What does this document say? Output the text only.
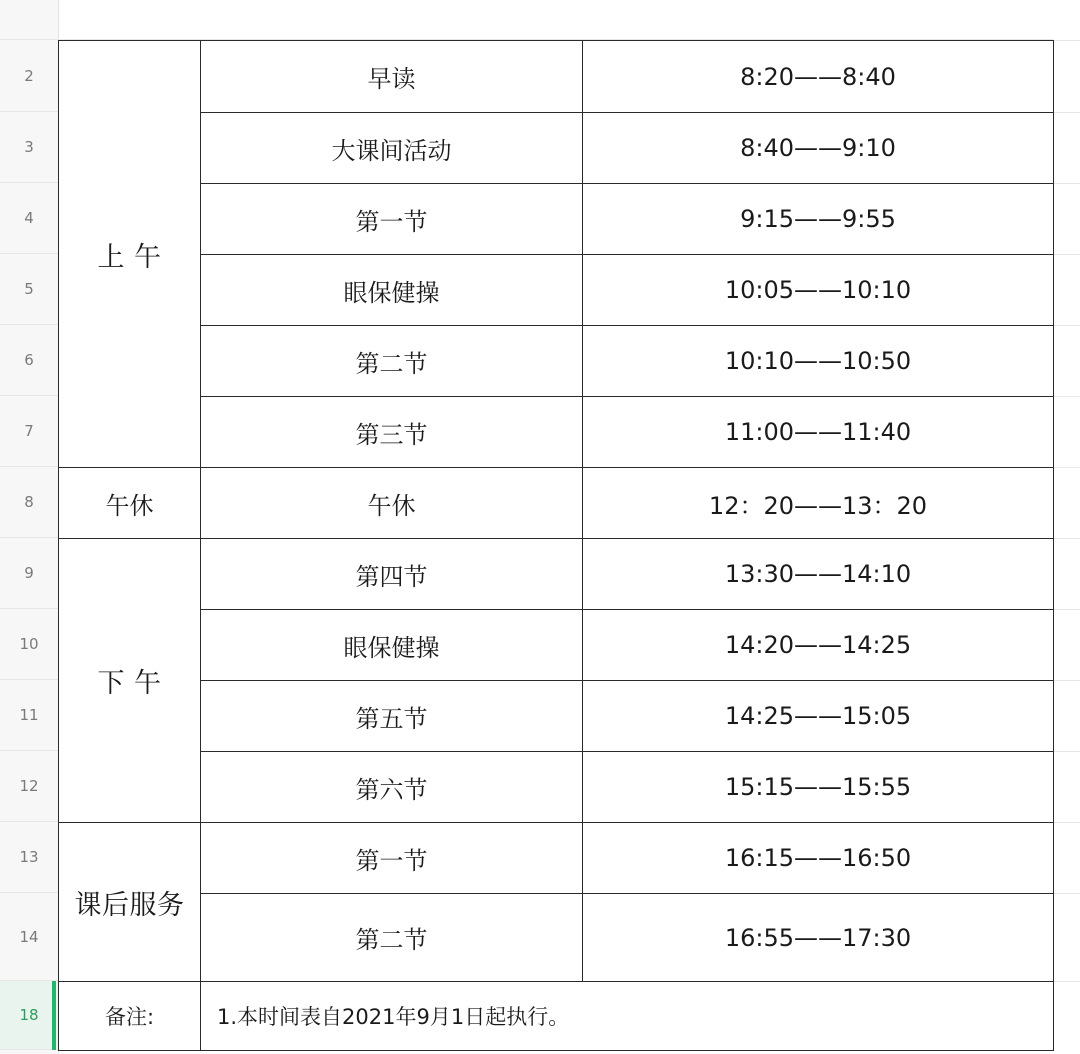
2
3
4
5
6
7
8
9
10
11
12
13
14
18
上 午	早读	8:20——8:40
	大课间活动	8:40——9:10
	第一节	9:15——9:55
	眼保健操	10:05——10:10
	第二节	10:10——10:50
	第三节	11:00——11:40
午休	午休	12：20——13：20
下 午	第四节	13:30——14:10
	眼保健操	14:20——14:25
	第五节	14:25——15:05
	第六节	15:15——15:55
课后服务	第一节	16:15——16:50
	第二节	16:55——17:30
备注:	1.本时间表自2021年9月1日起执行。	
